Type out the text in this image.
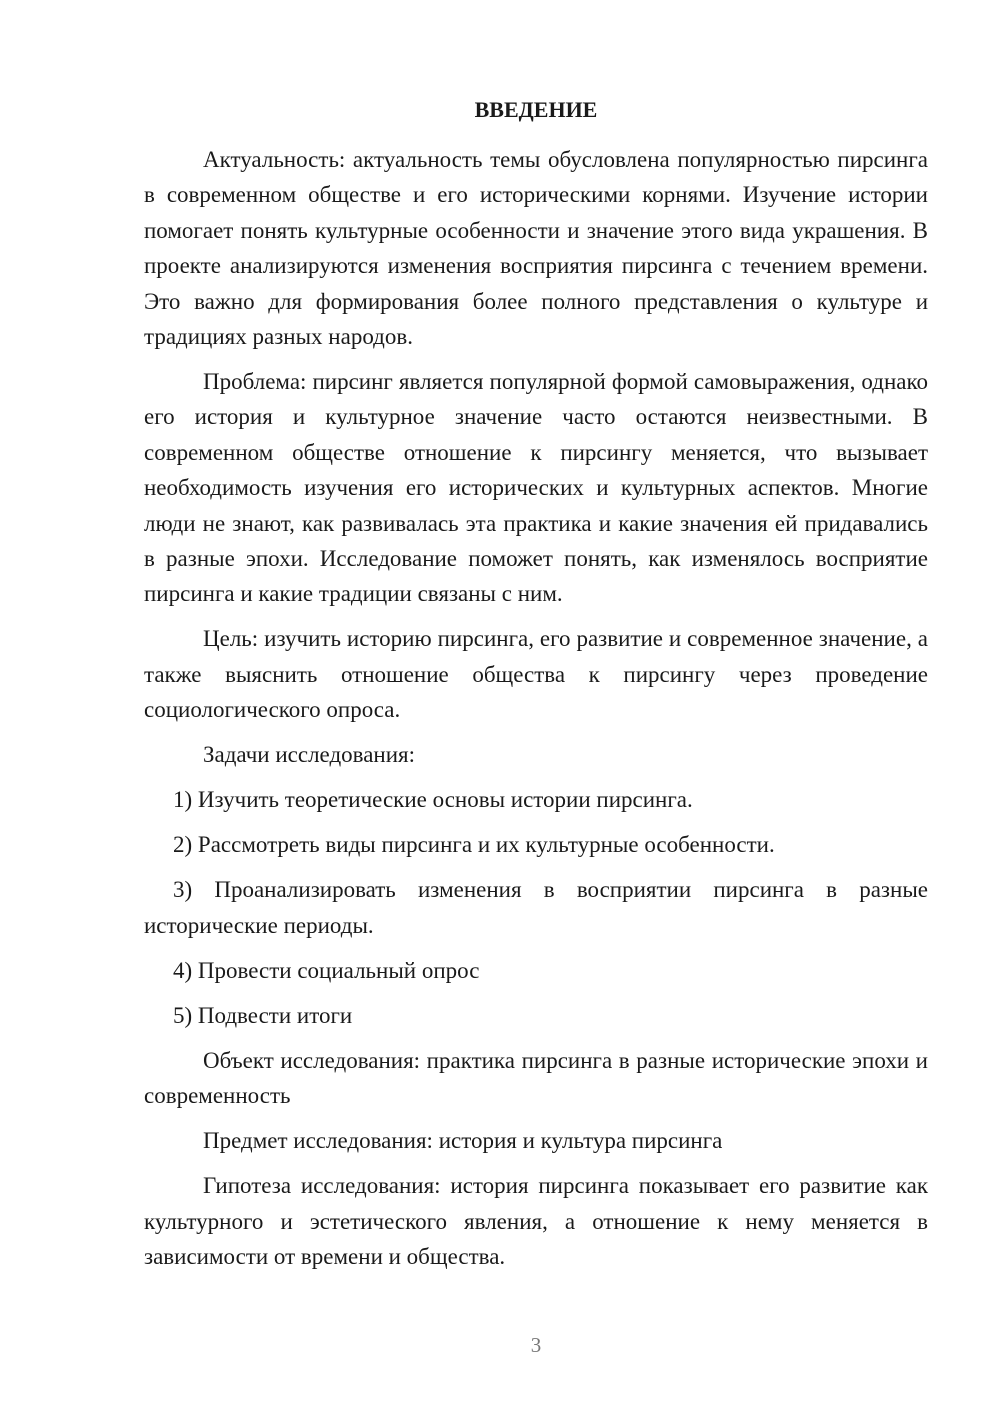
ВВЕДЕНИЕ

Актуальность: актуальность темы обусловлена популярностью пирсинга в современном обществе и его историческими корнями. Изучение истории помогает понять культурные особенности и значение этого вида украшения. В проекте анализируются изменения восприятия пирсинга с течением времени. Это важно для формирования более полного представления о культуре и традициях разных народов.

Проблема: пирсинг является популярной формой самовыражения, однако его история и культурное значение часто остаются неизвестными. В современном обществе отношение к пирсингу меняется, что вызывает необходимость изучения его исторических и культурных аспектов. Многие люди не знают, как развивалась эта практика и какие значения ей придавались в разные эпохи. Исследование поможет понять, как изменялось восприятие пирсинга и какие традиции связаны с ним.

Цель: изучить историю пирсинга, его развитие и современное значение, а также выяснить отношение общества к пирсингу через проведение социологического опроса.

Задачи исследования:

1) Изучить теоретические основы истории пирсинга.

2) Рассмотреть виды пирсинга и их культурные особенности.

3) Проанализировать изменения в восприятии пирсинга в разные исторические периоды.

4) Провести социальный опрос

5) Подвести итоги

Объект исследования: практика пирсинга в разные исторические эпохи и современность

Предмет исследования: история и культура пирсинга

Гипотеза исследования: история пирсинга показывает его развитие как культурного и эстетического явления, а отношение к нему меняется в зависимости от времени и общества.

3
